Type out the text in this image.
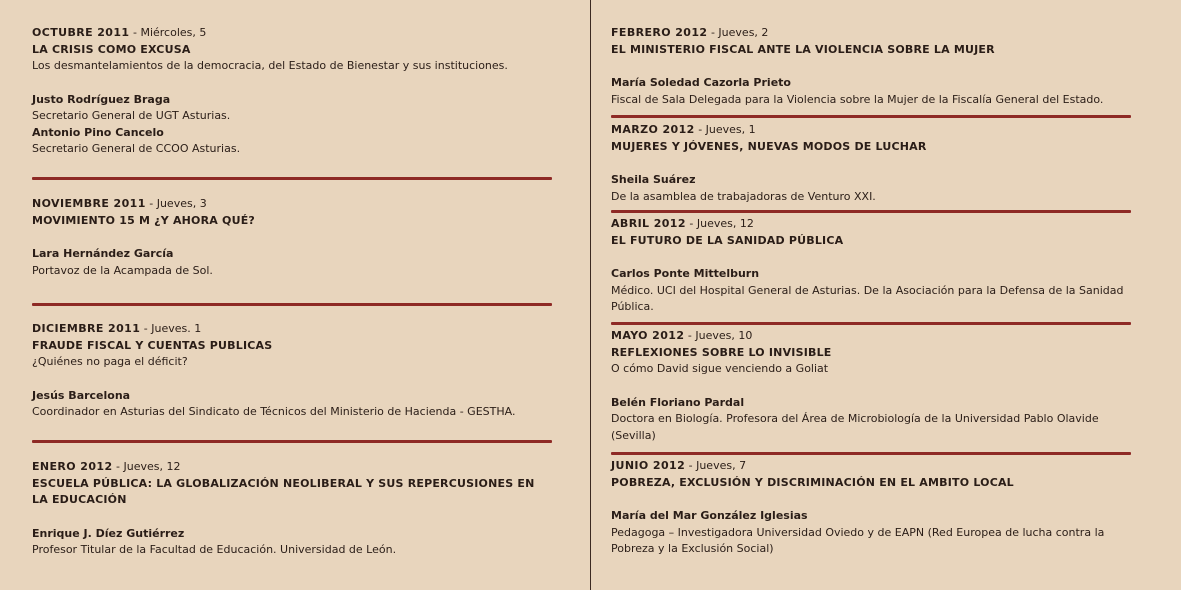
OCTUBRE 2011 - Miércoles, 5
LA CRISIS COMO EXCUSA
Los desmantelamientos de la democracia, del Estado de Bienestar y sus instituciones.
Justo Rodríguez Braga
Secretario General de UGT Asturias.
Antonio Pino Cancelo
Secretario General de CCOO Asturias.
NOVIEMBRE 2011 - Jueves, 3
MOVIMIENTO 15 M ¿Y AHORA QUÉ?
Lara Hernández García
Portavoz de la Acampada de Sol.
DICIEMBRE 2011 - Jueves. 1
FRAUDE FISCAL Y CUENTAS PUBLICAS
¿Quiénes no paga el déficit?
Jesús Barcelona
Coordinador en Asturias del Sindicato de Técnicos del Ministerio de Hacienda - GESTHA.
ENERO 2012 - Jueves, 12
ESCUELA PÚBLICA: LA GLOBALIZACIÓN NEOLIBERAL Y SUS REPERCUSIONES EN LA EDUCACIÓN
Enrique J. Díez Gutiérrez
Profesor Titular de la Facultad de Educación. Universidad de León.
FEBRERO 2012 - Jueves, 2
EL MINISTERIO FISCAL ANTE LA VIOLENCIA SOBRE LA MUJER
María Soledad Cazorla Prieto
Fiscal de Sala Delegada para la Violencia sobre la Mujer de la Fiscalía General del Estado.
MARZO 2012 - Jueves, 1
MUJERES Y JÓVENES, NUEVAS MODOS DE LUCHAR
Sheila Suárez
De la asamblea de trabajadoras de Venturo XXI.
ABRIL 2012 - Jueves, 12
EL FUTURO DE LA SANIDAD PÚBLICA
Carlos Ponte Mittelburn
Médico. UCI del Hospital General de Asturias. De la Asociación para la Defensa de la Sanidad Pública.
MAYO 2012 - Jueves, 10
REFLEXIONES SOBRE LO INVISIBLE
O cómo David sigue venciendo a Goliat
Belén Floriano Pardal
Doctora en Biología. Profesora del Área de Microbiología de la Universidad Pablo Olavide (Sevilla)
JUNIO 2012 - Jueves, 7
POBREZA, EXCLUSIÓN Y DISCRIMINACIÓN EN EL AMBITO LOCAL
María del Mar González Iglesias
Pedagoga – Investigadora Universidad Oviedo y de EAPN (Red Europea de lucha contra la Pobreza y la Exclusión Social)
